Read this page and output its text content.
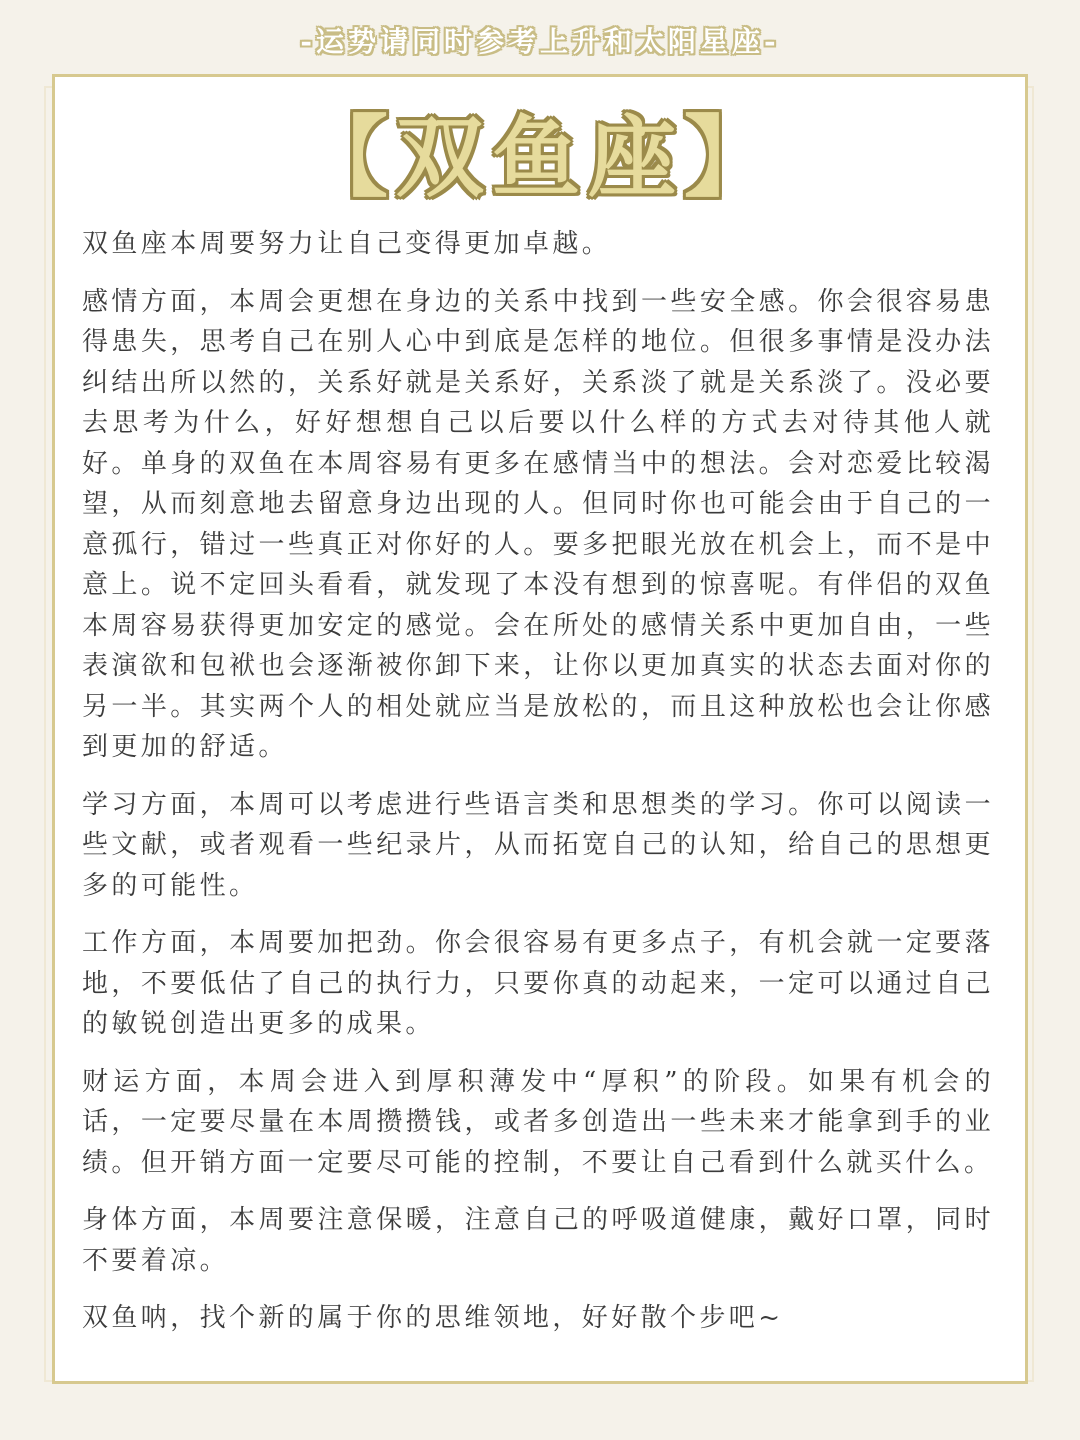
-运势请同时参考上升和太阳星座-
【双鱼座】

双鱼座本周要努力让自己变得更加卓越。

感情方面，本周会更想在身边的关系中找到一些安全感。你会很容易患得患失，思考自己在别人心中到底是怎样的地位。但很多事情是没办法纠结出所以然的，关系好就是关系好，关系淡了就是关系淡了。没必要去思考为什么，好好想想自己以后要以什么样的方式去对待其他人就好。单身的双鱼在本周容易有更多在感情当中的想法。会对恋爱比较渴望，从而刻意地去留意身边出现的人。但同时你也可能会由于自己的一意孤行，错过一些真正对你好的人。要多把眼光放在机会上，而不是中意上。说不定回头看看，就发现了本没有想到的惊喜呢。有伴侣的双鱼本周容易获得更加安定的感觉。会在所处的感情关系中更加自由，一些表演欲和包袱也会逐渐被你卸下来，让你以更加真实的状态去面对你的另一半。其实两个人的相处就应当是放松的，而且这种放松也会让你感到更加的舒适。

学习方面，本周可以考虑进行些语言类和思想类的学习。你可以阅读一些文献，或者观看一些纪录片，从而拓宽自己的认知，给自己的思想更多的可能性。

工作方面，本周要加把劲。你会很容易有更多点子，有机会就一定要落地，不要低估了自己的执行力，只要你真的动起来，一定可以通过自己的敏锐创造出更多的成果。

财运方面，本周会进入到厚积薄发中“厚积”的阶段。如果有机会的话，一定要尽量在本周攒攒钱，或者多创造出一些未来才能拿到手的业绩。但开销方面一定要尽可能的控制，不要让自己看到什么就买什么。

身体方面，本周要注意保暖，注意自己的呼吸道健康，戴好口罩，同时不要着凉。

双鱼呐，找个新的属于你的思维领地，好好散个步吧~
